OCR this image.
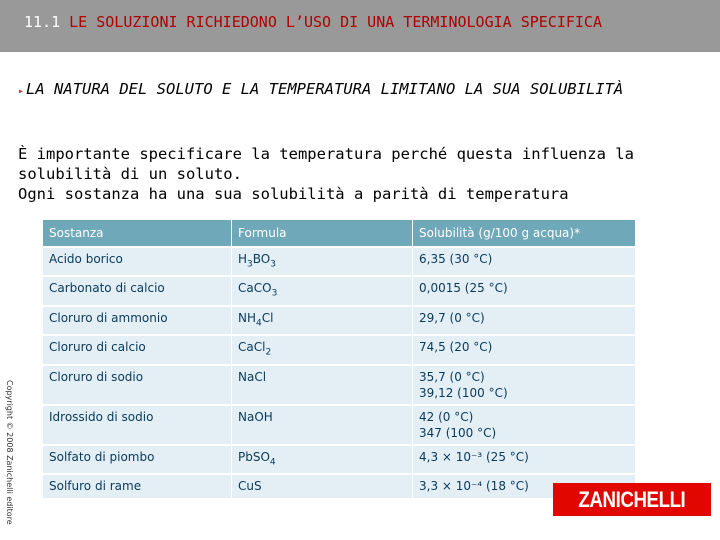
11.1 LE SOLUZIONI RICHIEDONO L’USO DI UNA TERMINOLOGIA SPECIFICA
▸ LA NATURA DEL SOLUTO E LA TEMPERATURA LIMITANO LA SUA SOLUBILITÀ

È importante specificare la temperatura perché questa influenza la solubilità di un soluto.

Ogni sostanza ha una sua solubilità a parità di temperatura

Sostanza	Formula	Solubilità (g/100 g acqua)*
Acido borico	$H_3BO_3$	6,35 (30 °C)

Carbonato di calcio	CaCO$_3$	0,0015 (25 °C)

Cloruro di ammonio	$NH_4Cl$	29,7 (0 °C)

Cloruro di calcio	CaCl$_2$	74,5 (20 °C)

Cloruro di sodio	NaCl	35,7 (0 °C)
39,12 (100 °C)

Idrossido di sodio	NaOH	42 (0 °C)
347 (100 °C)

Solfato di piombo	PbSO$_4$	4,3 × 10⁻³ (25 °C)

Solfuro di rame	CuS	3,3 × 10⁻⁴ (18 °C)
Copyright © 2008 Zanichelli editore	ZANICHELLI
